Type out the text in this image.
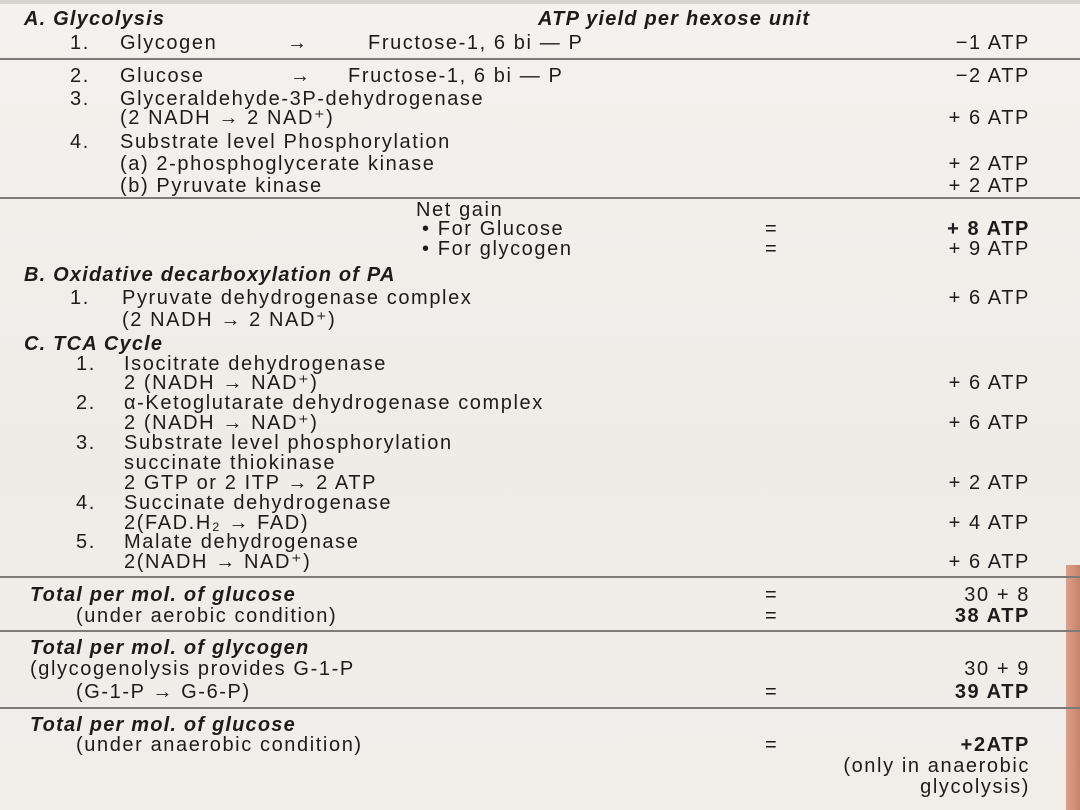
A. Glycolysis	ATP yield per hexose unit
1. Glycogen	→	Fructose-1, 6 bi — P	−1 ATP
2. Glucose	→ Fructose-1, 6 bi — P	−2 ATP
3. Glyceraldehyde-3P-dehydrogenase
(2 NADH → 2 NAD⁺)	+ 6 ATP
4. Substrate level Phosphorylation
(a) 2-phosphoglycerate kinase	+ 2 ATP
(b) Pyruvate kinase	+ 2 ATP
Net gain
• For Glucose	=	+ 8 ATP
• For glycogen	=	+ 9 ATP
B. Oxidative decarboxylation of PA
1. Pyruvate dehydrogenase complex	+ 6 ATP
(2 NADH → 2 NAD⁺)
C. TCA Cycle
1. Isocitrate dehydrogenase
2 (NADH → NAD⁺)	+ 6 ATP
2. α-Ketoglutarate dehydrogenase complex
2 (NADH → NAD⁺)	+ 6 ATP
3. Substrate level phosphorylation
succinate thiokinase
2 GTP or 2 ITP → 2 ATP	+ 2 ATP
4. Succinate dehydrogenase
2(FAD.H₂ → FAD)	+ 4 ATP
5. Malate dehydrogenase
2(NADH → NAD⁺)	+ 6 ATP
Total per mol. of glucose	=	30 + 8
(under aerobic condition)	=	38 ATP
Total per mol. of glycogen
(glycogenolysis provides G-1-P	30 + 9
(G-1-P → G-6-P)	=	39 ATP
Total per mol. of glucose
(under anaerobic condition)	=	+2ATP
(only in anaerobic
glycolysis)
